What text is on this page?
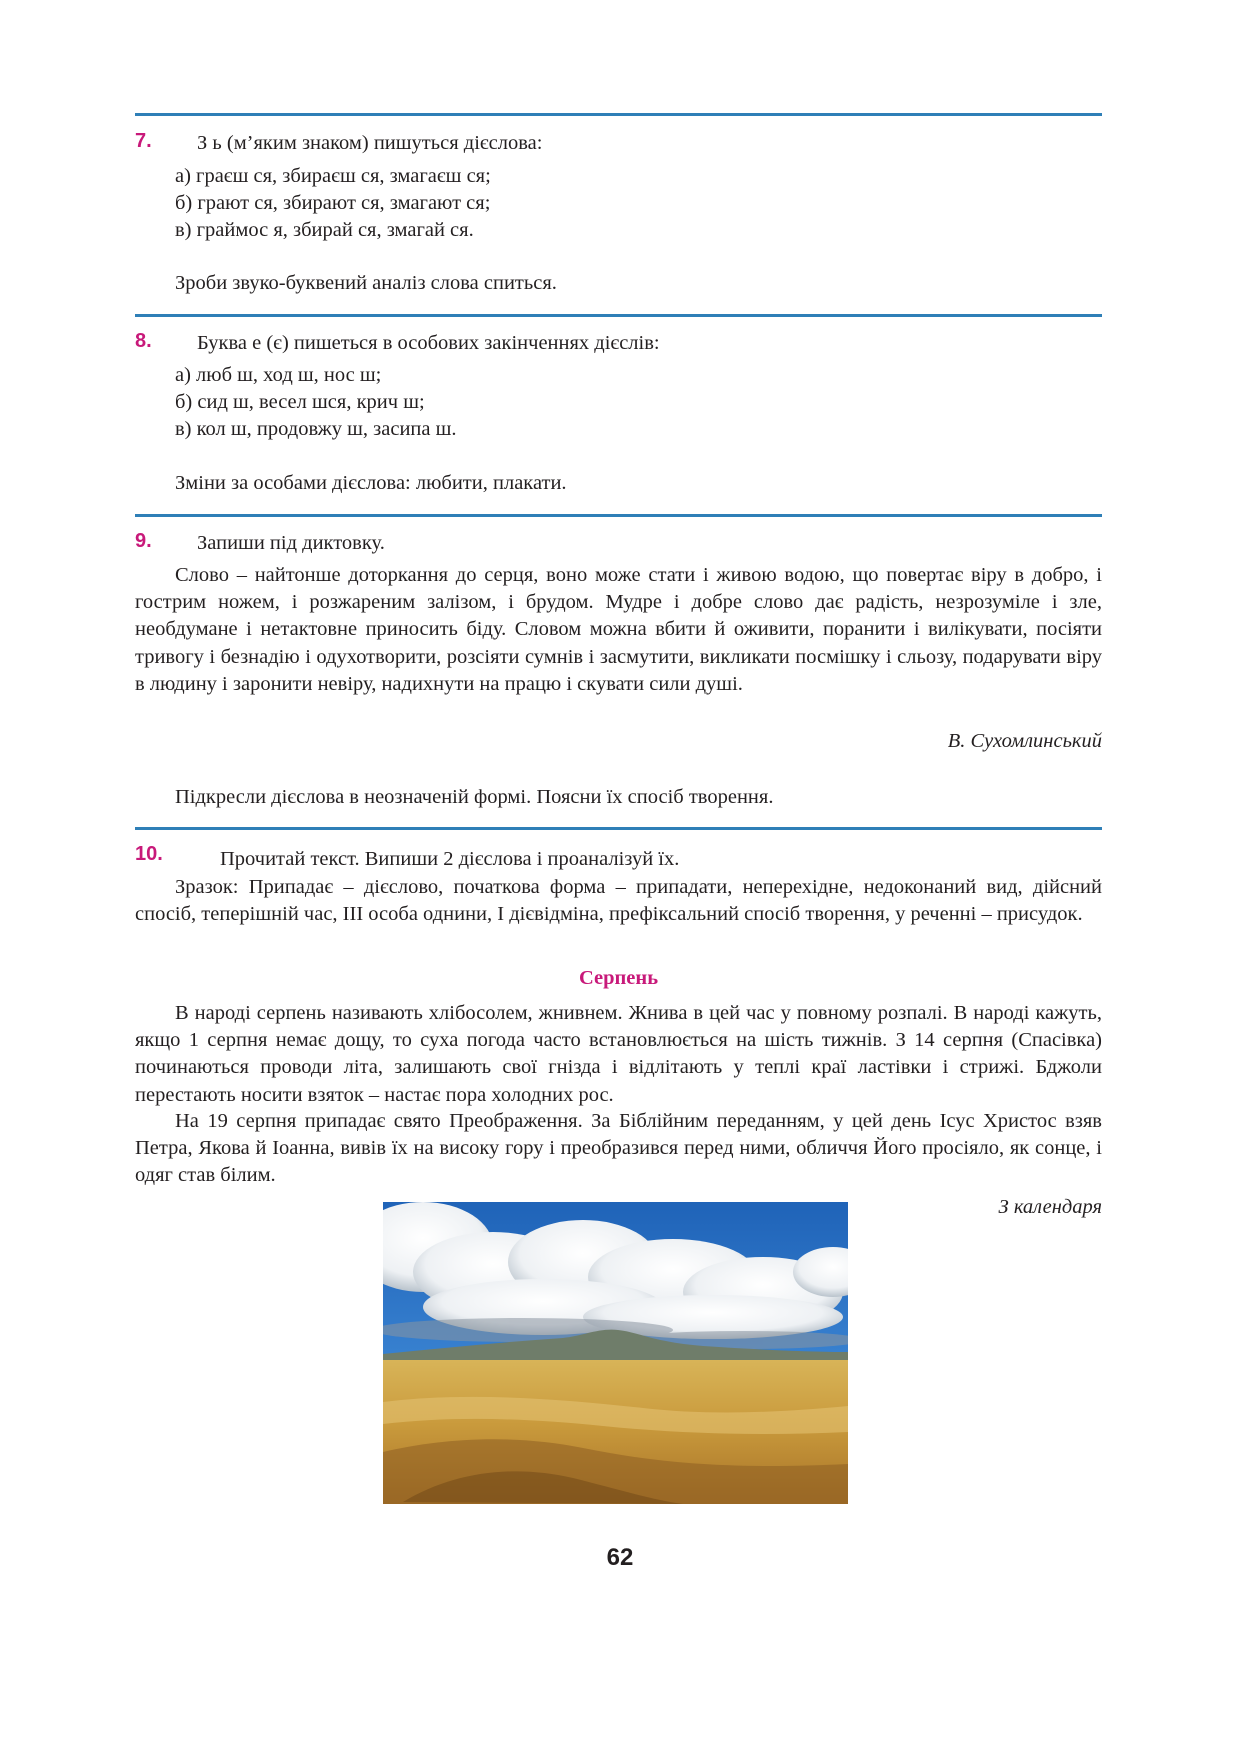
7. З ь (м’яким знаком) пишуться дієслова:
а) граєш ся, збираєш ся, змагаєш ся;
б) грают ся, збирают ся, змагают ся;
в) граймос я, збирай ся, змагай ся.
Зроби звуко-буквений аналіз слова спиться.
8. Буква е (є) пишеться в особових закінченнях дієслів:
а) люб ш, ход ш, нос ш;
б) сид ш, весел шся, крич ш;
в) кол ш, продовжу ш, засипа ш.
Зміни за особами дієслова: любити, плакати.
9. Запиши під диктовку.

Слово – найтонше доторкання до серця, воно може стати і живою водою, що повертає віру в добро, і гострим ножем, і розжареним залізом, і брудом. Мудре і добре слово дає радість, незрозуміле і зле, необдумане і нетактовне приносить біду. Словом можна вбити й оживити, поранити і вилікувати, посіяти тривогу і безнадію і одухотворити, розсіяти сумнів і засмутити, викликати посмішку і сльозу, подарувати віру в людину і заронити невіру, надихнути на працю і скувати сили душі.

В. Сухомлинський
Підкресли дієслова в неозначеній формі. Поясни їх спосіб творення.
10.	Прочитай текст. Випиши 2 дієслова і проаналізуй їх.

Зразок: Припадає – дієслово, початкова форма – припадати, неперехідне, недоконаний вид, дійсний спосіб, теперішній час, ІІІ особа однини, І дієвідміна, префіксальний спосіб творення, у реченні – присудок.

Серпень

В народі серпень називають хлібосолем, жнивнем. Жнива в цей час у повному розпалі. В народі кажуть, якщо 1 серпня немає дощу, то суха погода часто встановлюється на шість тижнів. З 14 серпня (Спасівка) починаються проводи літа, залишають свої гнізда і відлітають у теплі краї ластівки і стрижі. Бджоли перестають носити взяток – настає пора холодних рос.

На 19 серпня припадає свято Преображення. За Біблійним переданням, у цей день Ісус Христос взяв Петра, Якова й Іоанна, вивів їх на високу гору і преобразився перед ними, обличчя Його просіяло, як сонце, і одяг став білим.

З календаря
62
